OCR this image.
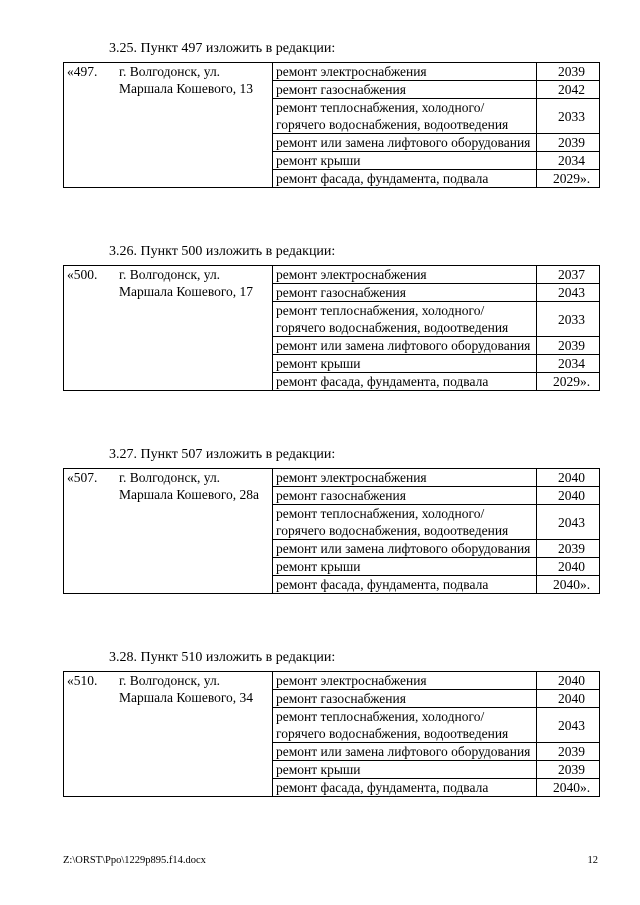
3.25. Пункт 497 изложить в редакции:
«497.	г. Волгодонск, ул. Маршала Кошевого, 13	ремонт электроснабжения	2039
		ремонт газоснабжения	2042
		ремонт теплоснабжения, холодного/горячего водоснабжения, водоотведения	2033
		ремонт или замена лифтового оборудования	2039
		ремонт крыши	2034
		ремонт фасада, фундамента, подвала	2029».
3.26. Пункт 500 изложить в редакции:
«500.	г. Волгодонск, ул. Маршала Кошевого, 17	ремонт электроснабжения	2037
		ремонт газоснабжения	2043
		ремонт теплоснабжения, холодного/горячего водоснабжения, водоотведения	2033
		ремонт или замена лифтового оборудования	2039
		ремонт крыши	2034
		ремонт фасада, фундамента, подвала	2029».
3.27. Пункт 507 изложить в редакции:
«507.	г. Волгодонск, ул. Маршала Кошевого, 28а	ремонт электроснабжения	2040
		ремонт газоснабжения	2040
		ремонт теплоснабжения, холодного/горячего водоснабжения, водоотведения	2043
		ремонт или замена лифтового оборудования	2039
		ремонт крыши	2040
		ремонт фасада, фундамента, подвала	2040».
3.28. Пункт 510 изложить в редакции:
«510.	г. Волгодонск, ул. Маршала Кошевого, 34	ремонт электроснабжения	2040
		ремонт газоснабжения	2040
		ремонт теплоснабжения, холодного/горячего водоснабжения, водоотведения	2043
		ремонт или замена лифтового оборудования	2039
		ремонт крыши	2039
		ремонт фасада, фундамента, подвала	2040».
Z:\ORST\Ppo\1229p895.f14.docx	12
